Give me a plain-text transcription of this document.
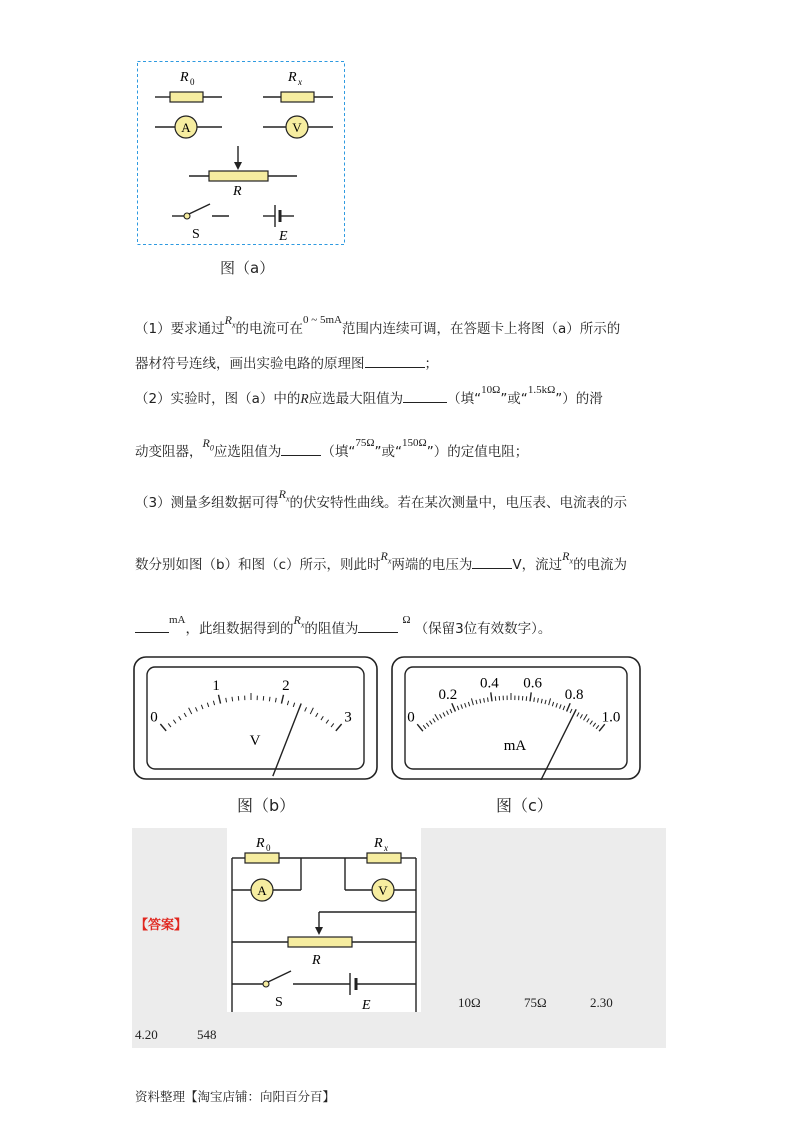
R 0	R x
A	V
R
S	E
图（a）
（1）要求通过$R_x$的电流可在$^{0 \sim 5mA}$范围内连续可调，在答题卡上将图（a）所示的
器材符号连线，画出实验电路的原理图	；
（2）实验时，图（a）中的R应选最大阻值为	（填“$^{10\Omega}$”或“$^{1.5k\Omega}$”）的滑
动变阻器，$R_0$应选阻值为	（填“$^{75\Omega}$”或“$^{150\Omega}$”）的定值电阻；
（3）测量多组数据可得$R_x$的伏安特性曲线。若在某次测量中，电压表、电流表的示
数分别如图（b）和图（c）所示，则此时$R_x$两端的电压为	V，流过$R_x$的电流为
$^{mA}$，此组数据得到的$R_x$的阻值为$^\Omega$（保留3位有效数字）。
0
1	2
3
V
图（b）
0
0.2
0.4 0.6
0.8
1.0
mA
图（c）
【答案】
R 0	R x
A	V
R
S	E	10Ω	75Ω	2.30
4.20	548
资料整理【淘宝店铺：向阳百分百】
